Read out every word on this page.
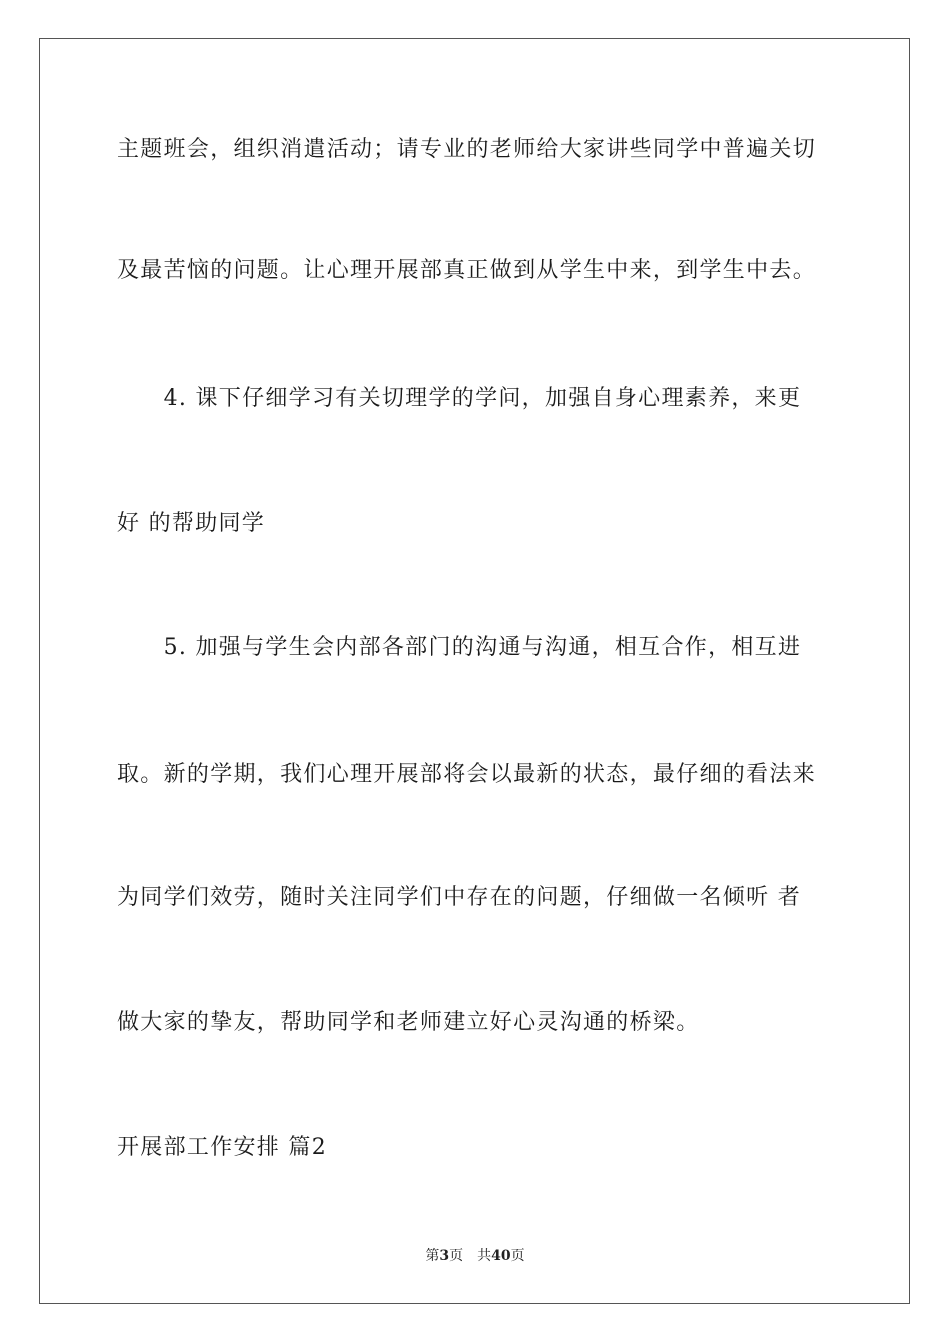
主题班会，组织消遣活动；请专业的老师给大家讲些同学中普遍关切
及最苦恼的问题。让心理开展部真正做到从学生中来，到学生中去。
　　4. 课下仔细学习有关切理学的学问，加强自身心理素养，来更
好 的帮助同学
　　5. 加强与学生会内部各部门的沟通与沟通，相互合作，相互进
取。新的学期，我们心理开展部将会以最新的状态，最仔细的看法来
为同学们效劳，随时关注同学们中存在的问题，仔细做一名倾听 者
做大家的挚友，帮助同学和老师建立好心灵沟通的桥梁。
开展部工作安排 篇2
第3页 共40页
